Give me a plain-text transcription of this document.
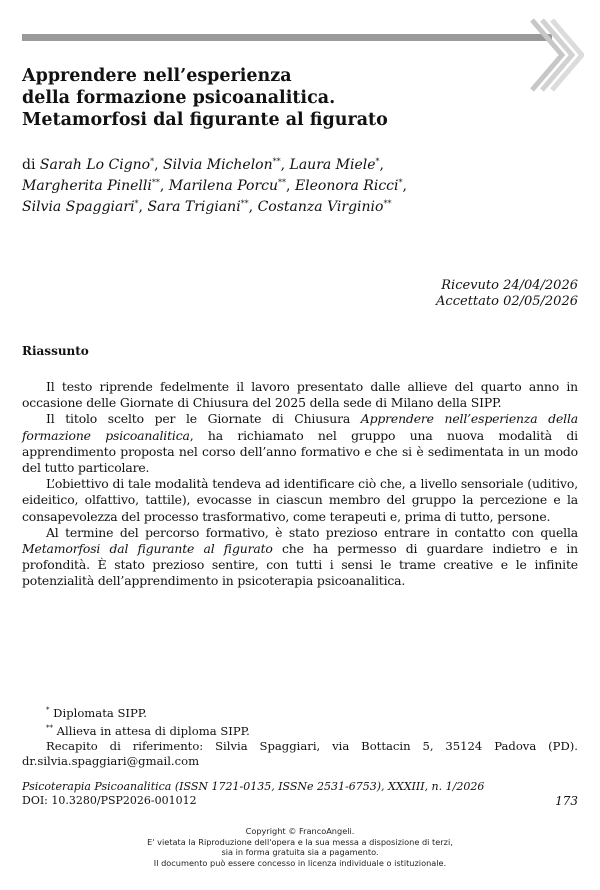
Apprendere nell’esperienza
della formazione psicoanalitica.
Metamorfosi dal figurante al figurato
di Sarah Lo Cigno*, Silvia Michelon**, Laura Miele*,
Margherita Pinelli**, Marilena Porcu**, Eleonora Ricci*,
Silvia Spaggiari*, Sara Trigiani**, Costanza Virginio**
Ricevuto 24/04/2026
Accettato 02/05/2026
Riassunto

Il testo riprende fedelmente il lavoro presentato dalle allieve del quarto anno in occasione delle Giornate di Chiusura del 2025 della sede di Milano della SIPP.

Il titolo scelto per le Giornate di Chiusura Apprendere nell’esperienza della formazione psicoanalitica, ha richiamato nel gruppo una nuova modalità di apprendimento proposta nel corso dell’anno formativo e che si è sedimentata in un modo del tutto particolare.

L’obiettivo di tale modalità tendeva ad identificare ciò che, a livello sensoriale (uditivo, eideitico, olfattivo, tattile), evocasse in ciascun membro del gruppo la percezione e la consapevolezza del processo trasformativo, come terapeuti e, prima di tutto, persone.

Al termine del percorso formativo, è stato prezioso entrare in contatto con quella Metamorfosi dal figurante al figurato che ha permesso di guardare indietro e in profondità. È stato prezioso sentire, con tutti i sensi le trame creative e le infinite potenzialità dell’apprendimento in psicoterapia psicoanalitica.

* Diplomata SIPP.

** Allieva in attesa di diploma SIPP.

Recapito di riferimento: Silvia Spaggiari, via Bottacin 5, 35124 Padova (PD). dr.silvia.spaggiari@gmail.com

Psicoterapia Psicoanalitica (ISSN 1721-0135, ISSNe 2531-6753), XXXIII, n. 1/2026
DOI: 10.3280/PSP2026-001012	173
Copyright © FrancoAngeli.
E' vietata la Riproduzione dell'opera e la sua messa a disposizione di terzi,
sia in forma gratuita sia a pagamento.
Il documento può essere concesso in licenza individuale o istituzionale.
